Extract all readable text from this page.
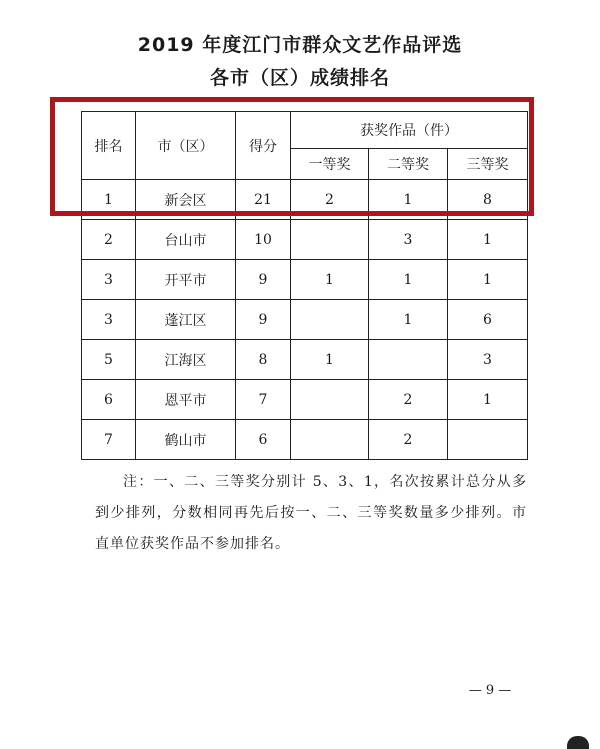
2019 年度江门市群众文艺作品评选
各市（区）成绩排名
排名	市（区）	得分	获奖作品（件）		
			一等奖	二等奖	三等奖
1	新会区	21	2	1	8
2	台山市	10		3	1
3	开平市	9	1	1	1
3	蓬江区	9		1	6
5	江海区	8	1		3
6	恩平市	7		2	1
7	鹤山市	6		2	
注：一、二、三等奖分别计 5、3、1，名次按累计总分从多到少排列，分数相同再先后按一、二、三等奖数量多少排列。市直单位获奖作品不参加排名。
— 9 —
